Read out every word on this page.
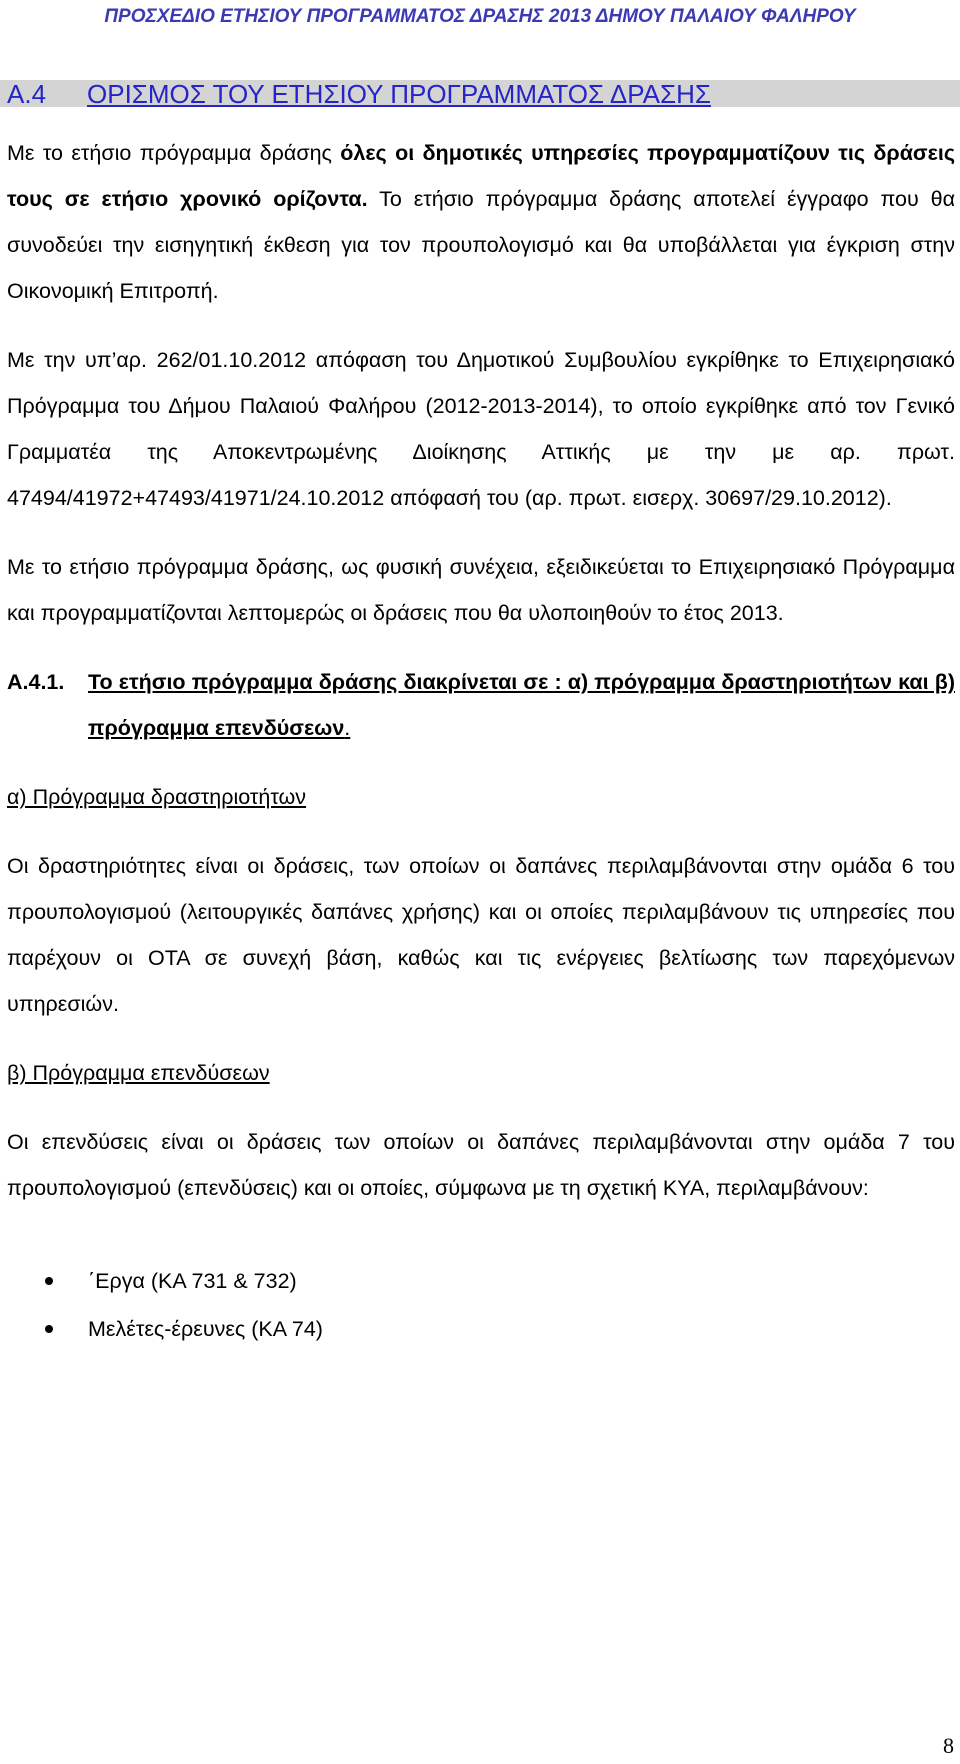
ΠΡΟΣΧΕΔΙΟ ΕΤΗΣΙΟΥ ΠΡΟΓΡΑΜΜΑΤΟΣ ΔΡΑΣΗΣ 2013 ΔΗΜΟΥ ΠΑΛΑΙΟΥ ΦΑΛΗΡΟΥ
Α.4 ΟΡΙΣΜΟΣ ΤΟΥ ΕΤΗΣΙΟΥ ΠΡΟΓΡΑΜΜΑΤΟΣ ΔΡΑΣΗΣ

Με το ετήσιο πρόγραμμα δράσης όλες οι δημοτικές υπηρεσίες προγραμματίζουν τις δράσεις τους σε ετήσιο χρονικό ορίζοντα. Το ετήσιο πρόγραμμα δράσης αποτελεί έγγραφο που θα συνοδεύει την εισηγητική έκθεση για τον προυπολογισμό και θα υποβάλλεται για έγκριση στην Οικονομική Επιτροπή.

Με την υπ’αρ. 262/01.10.2012 απόφαση του Δημοτικού Συμβουλίου εγκρίθηκε το Επιχειρησιακό Πρόγραμμα του Δήμου Παλαιού Φαλήρου (2012-2013-2014), το οποίο εγκρίθηκε από τον Γενικό Γραμματέα της Αποκεντρωμένης Διοίκησης Αττικής με την με αρ. πρωτ. 47494/41972+47493/41971/24.10.2012 απόφασή του (αρ. πρωτ. εισερχ. 30697/29.10.2012).

Με το ετήσιο πρόγραμμα δράσης, ως φυσική συνέχεια, εξειδικεύεται το Επιχειρησιακό Πρόγραμμα και προγραμματίζονται λεπτομερώς οι δράσεις που θα υλοποιηθούν το έτος 2013.

Α.4.1.	Το ετήσιο πρόγραμμα δράσης διακρίνεται σε : α) πρόγραμμα δραστηριοτήτων και β) πρόγραμμα επενδύσεων.

α) Πρόγραμμα δραστηριοτήτων

Οι δραστηριότητες είναι οι δράσεις, των οποίων οι δαπάνες περιλαμβάνονται στην ομάδα 6 του προυπολογισμού (λειτουργικές δαπάνες χρήσης) και οι οποίες περιλαμβάνουν τις υπηρεσίες που παρέχουν οι ΟΤΑ σε συνεχή βάση, καθώς και τις ενέργειες βελτίωσης των παρεχόμενων υπηρεσιών.

β) Πρόγραμμα επενδύσεων

Οι επενδύσεις είναι οι δράσεις των οποίων οι δαπάνες περιλαμβάνονται στην ομάδα 7 του προυπολογισμού (επενδύσεις) και οι οποίες, σύμφωνα με τη σχετική ΚΥΑ, περιλαμβάνουν:

΄Εργα (ΚΑ 731 & 732)
Μελέτες-έρευνες (ΚΑ 74)
8
